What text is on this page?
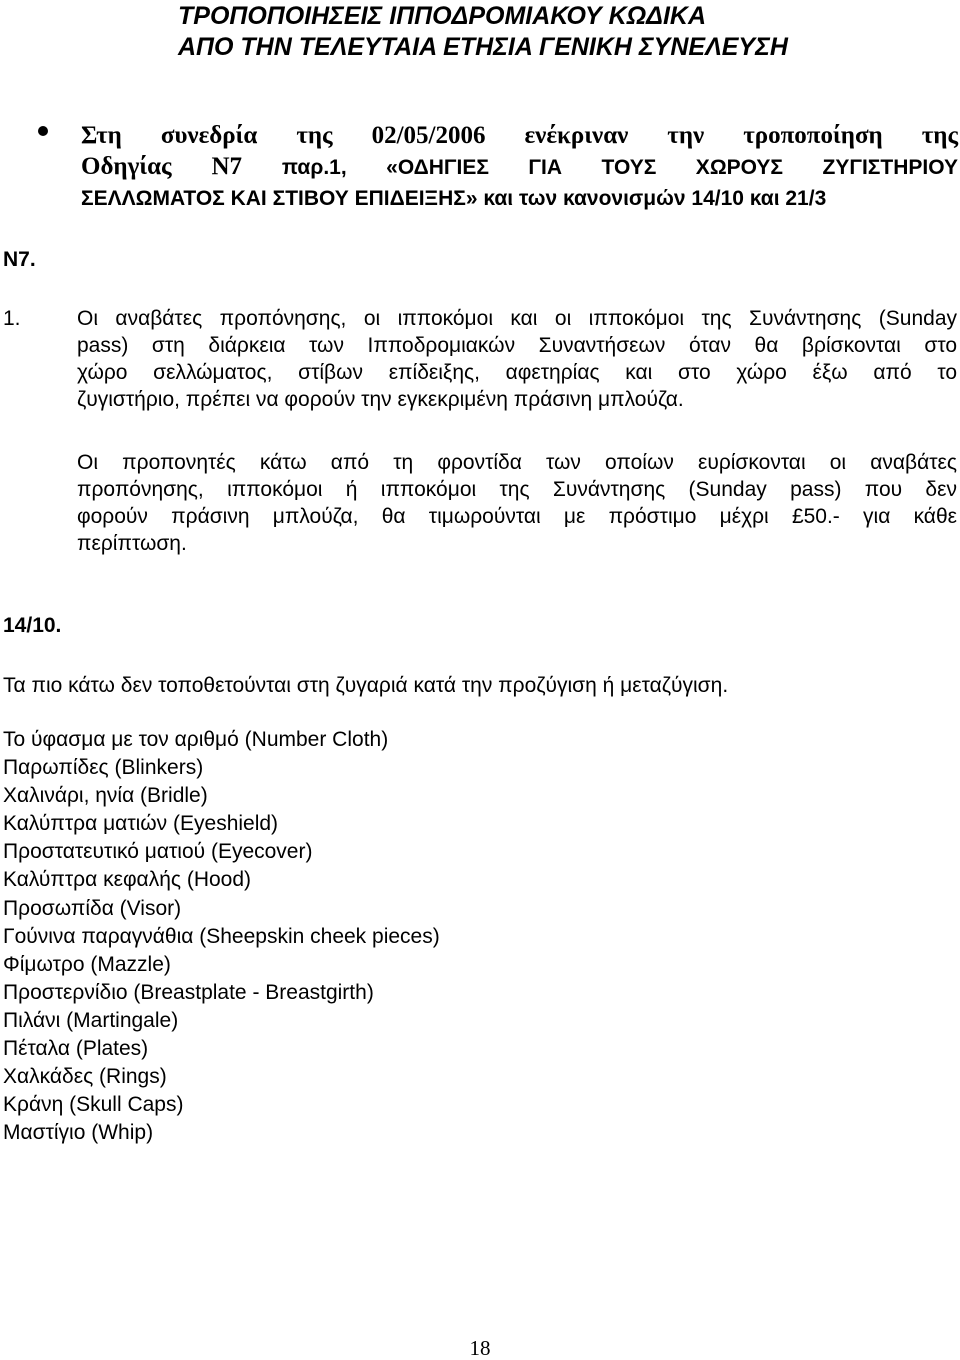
ΤΡΟΠΟΠΟΙΗΣΕΙΣ ΙΠΠΟΔΡΟΜΙΑΚΟΥ ΚΩΔΙΚΑ
ΑΠΟ ΤΗΝ ΤΕΛΕΥΤΑΙΑ ΕΤΗΣΙΑ ΓΕΝΙΚΗ ΣΥΝΕΛΕΥΣΗ
Στη συνεδρία της 02/05/2006 ενέκριναν την τροποποίηση της
Οδηγίας Ν7 παρ.1, «ΟΔΗΓΙΕΣ ΓΙΑ ΤΟΥΣ ΧΩΡΟΥΣ ΖΥΓΙΣΤΗΡΙΟΥ
ΣΕΛΛΩΜΑΤΟΣ ΚΑΙ ΣΤΙΒΟΥ ΕΠΙΔΕΙΞΗΣ» και των κανονισμών 14/10 και 21/3
Ν7.
1.	Οι αναβάτες προπόνησης, οι ιπποκόμοι και οι ιπποκόμοι της Συνάντησης (Sunday
pass) στη διάρκεια των Ιπποδρομιακών Συναντήσεων όταν θα βρίσκονται στο
χώρο σελλώματος, στίβων επίδειξης, αφετηρίας και στο χώρο έξω από το
ζυγιστήριο, πρέπει να φορούν την εγκεκριμένη πράσινη μπλούζα.

Οι προπονητές κάτω από τη φροντίδα των οποίων ευρίσκονται οι αναβάτες
προπόνησης, ιπποκόμοι ή ιπποκόμοι της Συνάντησης (Sunday pass) που δεν
φορούν πράσινη μπλούζα, θα τιμωρούνται με πρόστιμο μέχρι £50.- για κάθε
περίπτωση.

14/10.
Τα πιο κάτω δεν τοποθετούνται στη ζυγαριά κατά την προζύγιση ή μεταζύγιση.
Το ύφασμα με τον αριθμό (Number Cloth)
Παρωπίδες (Blinkers)
Χαλινάρι, ηνία (Bridle)
Καλύπτρα ματιών (Eyeshield)
Προστατευτικό ματιού (Eyecover)
Καλύπτρα κεφαλής (Hood)
Προσωπίδα (Visor)
Γούνινα παραγνάθια (Sheepskin cheek pieces)
Φίμωτρο (Mazzle)
Προστερνίδιο (Breastplate - Breastgirth)
Πιλάνι (Martingale)
Πέταλα (Plates)
Χαλκάδες (Rings)
Κράνη (Skull Caps)
Μαστίγιο (Whip)
18
